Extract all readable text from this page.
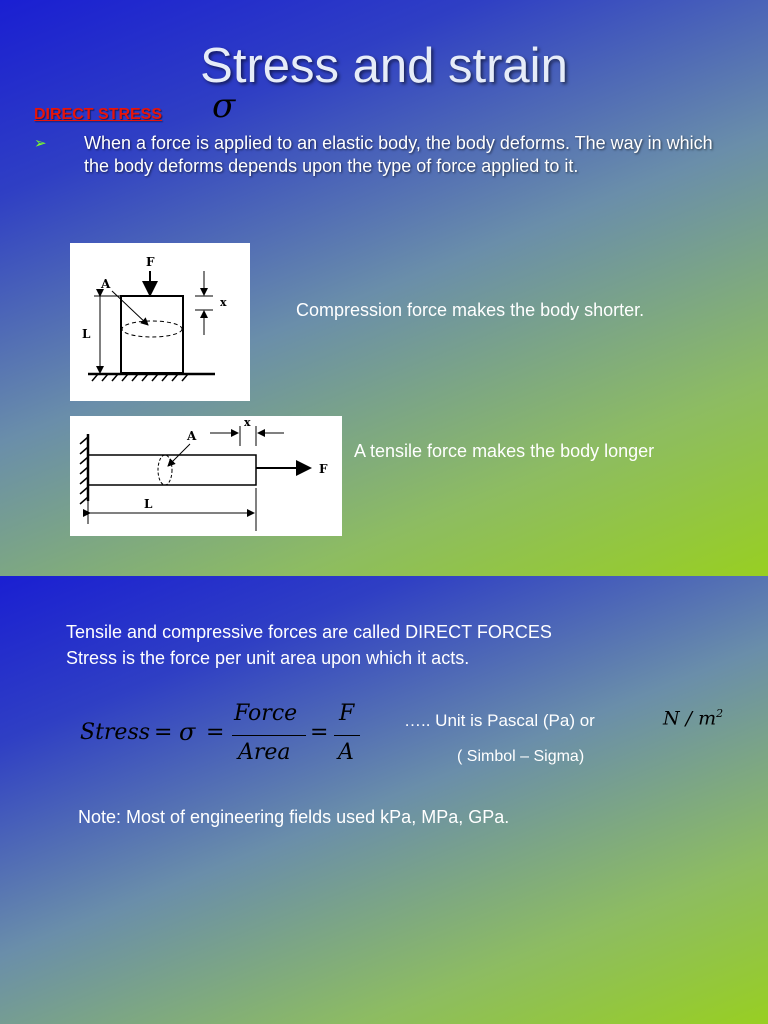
Stress and strain
σ
DIRECT STRESS
➢ When a force is applied to an elastic body, the body deforms. The way in which the body deforms depends upon the type of force applied to it.
F
A
L
x	Compression force makes the body shorter.
F
A
x
L
A tensile force makes the body longer
Tensile and compressive forces are called DIRECT FORCES
Stress is the force per unit area upon which it acts.
Stress = σ =
Force
Area
=
F
A
….. Unit is Pascal (Pa) or	N / $m^2$
( Simbol – Sigma)
Note: Most of engineering fields used kPa, MPa, GPa.
